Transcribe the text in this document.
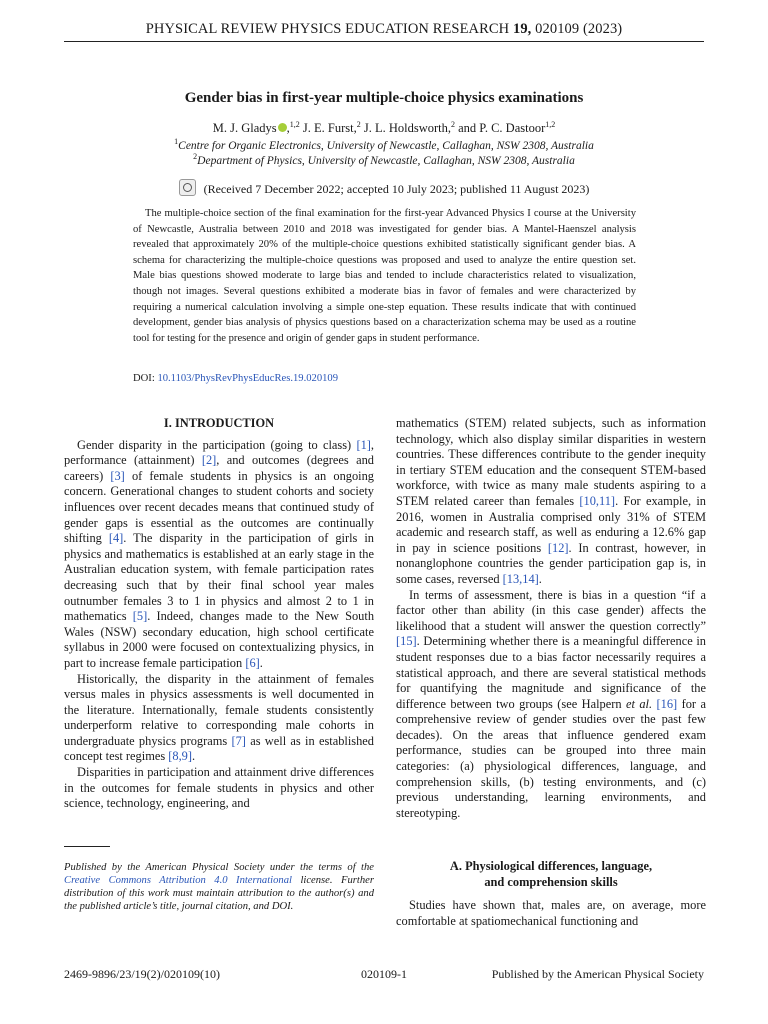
PHYSICAL REVIEW PHYSICS EDUCATION RESEARCH 19, 020109 (2023)
Gender bias in first-year multiple-choice physics examinations
M. J. Gladys ,$^{1,2}$ J. E. Furst,$^2$ J. L. Holdsworth,$^2$ and P. C. Dastoor$^{1,2}$
$^1$Centre for Organic Electronics, University of Newcastle, Callaghan, NSW 2308, Australia
$^2$Department of Physics, University of Newcastle, Callaghan, NSW 2308, Australia
(Received 7 December 2022; accepted 10 July 2023; published 11 August 2023)

The multiple-choice section of the final examination for the first-year Advanced Physics I course at the University of Newcastle, Australia between 2010 and 2018 was investigated for gender bias. A Mantel-Haenszel analysis revealed that approximately 20% of the multiple-choice questions exhibited statistically significant gender bias. A schema for characterizing the multiple-choice questions was proposed and used to analyze the entire question set. Male bias questions showed moderate to large bias and tended to include characteristics related to visualization, though not images. Several questions exhibited a moderate bias in favor of females and were characterized by requiring a numerical calculation involving a simple one-step equation. These results indicate that with continued development, gender bias analysis of physics questions based on a characterization schema may be used as a routine tool for testing for the presence and origin of gender gaps in student performance.

DOI: 10.1103/PhysRevPhysEducRes.19.020109
I. INTRODUCTION

Gender disparity in the participation (going to class) [1], performance (attainment) [2], and outcomes (degrees and careers) [3] of female students in physics is an ongoing concern. Generational changes to student cohorts and society influences over recent decades means that continued study of gender gaps is essential as the outcomes are continually shifting [4]. The disparity in the participation of girls in physics and mathematics is established at an early stage in the Australian education system, with female participation rates decreasing such that by their final school year males outnumber females 3 to 1 in physics and almost 2 to 1 in mathematics [5]. Indeed, changes made to the New South Wales (NSW) secondary education, high school certificate syllabus in 2000 were focused on contextualizing physics, in part to increase female participation [6].

Historically, the disparity in the attainment of females versus males in physics assessments is well documented in the literature. Internationally, female students consistently underperform relative to corresponding male cohorts in undergraduate physics programs [7] as well as in established concept test regimes [8,9].

Disparities in participation and attainment drive differences in the outcomes for female students in physics and other science, technology, engineering, and

Published by the American Physical Society under the terms of the Creative Commons Attribution 4.0 International license. Further distribution of this work must maintain attribution to the author(s) and the published article’s title, journal citation, and DOI.

mathematics (STEM) related subjects, such as information technology, which also display similar disparities in western countries. These differences contribute to the gender inequity in tertiary STEM education and the consequent STEM-based workforce, with twice as many male students aspiring to a STEM related career than females [10,11]. For example, in 2016, women in Australia comprised only 31% of STEM academic and research staff, as well as enduring a 12.6% gap in pay in science positions [12]. In contrast, however, in nonanglophone countries the gender participation gap is, in some cases, reversed [13,14].

In terms of assessment, there is bias in a question “if a factor other than ability (in this case gender) affects the likelihood that a student will answer the question correctly” [15]. Determining whether there is a meaningful difference in student responses due to a bias factor necessarily requires a statistical approach, and there are several statistical methods for quantifying the magnitude and significance of the difference between two groups (see Halpern et al. [16] for a comprehensive review of gender studies over the past few decades). On the areas that influence gendered exam performance, studies can be grouped into three main categories: (a) physiological differences, language, and comprehension skills, (b) testing environments, and (c) previous understanding, learning environments, and stereotyping.

A. Physiological differences, language,
and comprehension skills

Studies have shown that, males are, on average, more comfortable at spatiomechanical functioning and

2469-9896/23/19(2)/020109(10)	020109-1	Published by the American Physical Society
